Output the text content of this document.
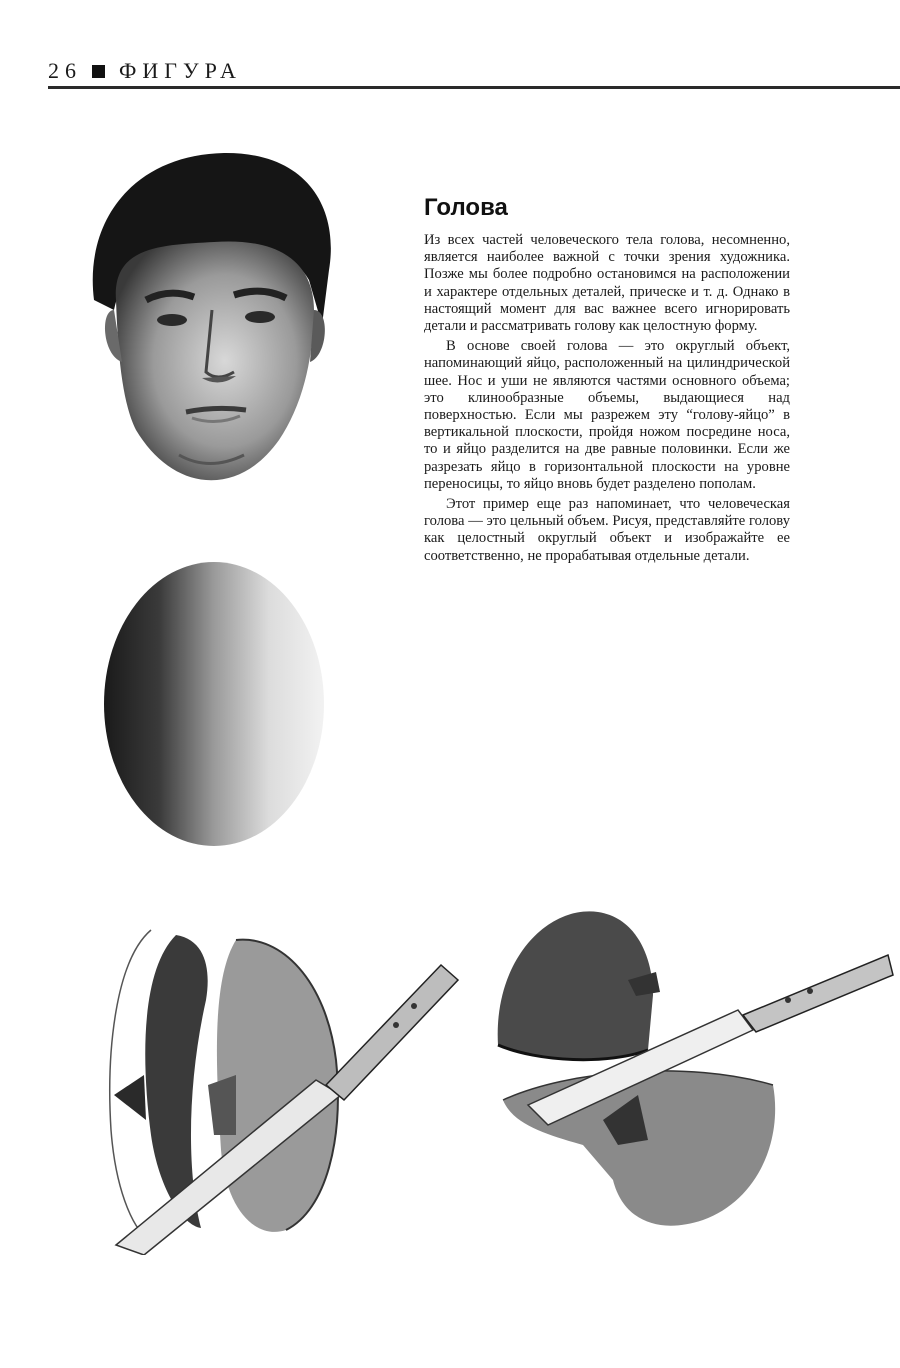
26 ФИГУРА
Голова

Из всех частей человеческого тела голова, несомненно, является наиболее важной с точки зрения художника. Позже мы более подробно остановимся на расположении и характере отдельных деталей, прическе и т. д. Однако в настоящий момент для вас важнее всего игнорировать детали и рассматривать голову как целостную форму.

В основе своей голова — это округлый объект, напоминающий яйцо, расположенный на цилиндрической шее. Нос и уши не являются частями основного объема; это клинообразные объемы, выдающиеся над поверхностью. Если мы разрежем эту “голову-яйцо” в вертикальной плоскости, пройдя ножом посредине носа, то и яйцо разделится на две равные половинки. Если же разрезать яйцо в горизонтальной плоскости на уровне переносицы, то яйцо вновь будет разделено пополам.

Этот пример еще раз напоминает, что человеческая голова — это цельный объем. Рисуя, представляйте голову как целостный округлый объект и изображайте ее соответственно, не прорабатывая отдельные детали.
